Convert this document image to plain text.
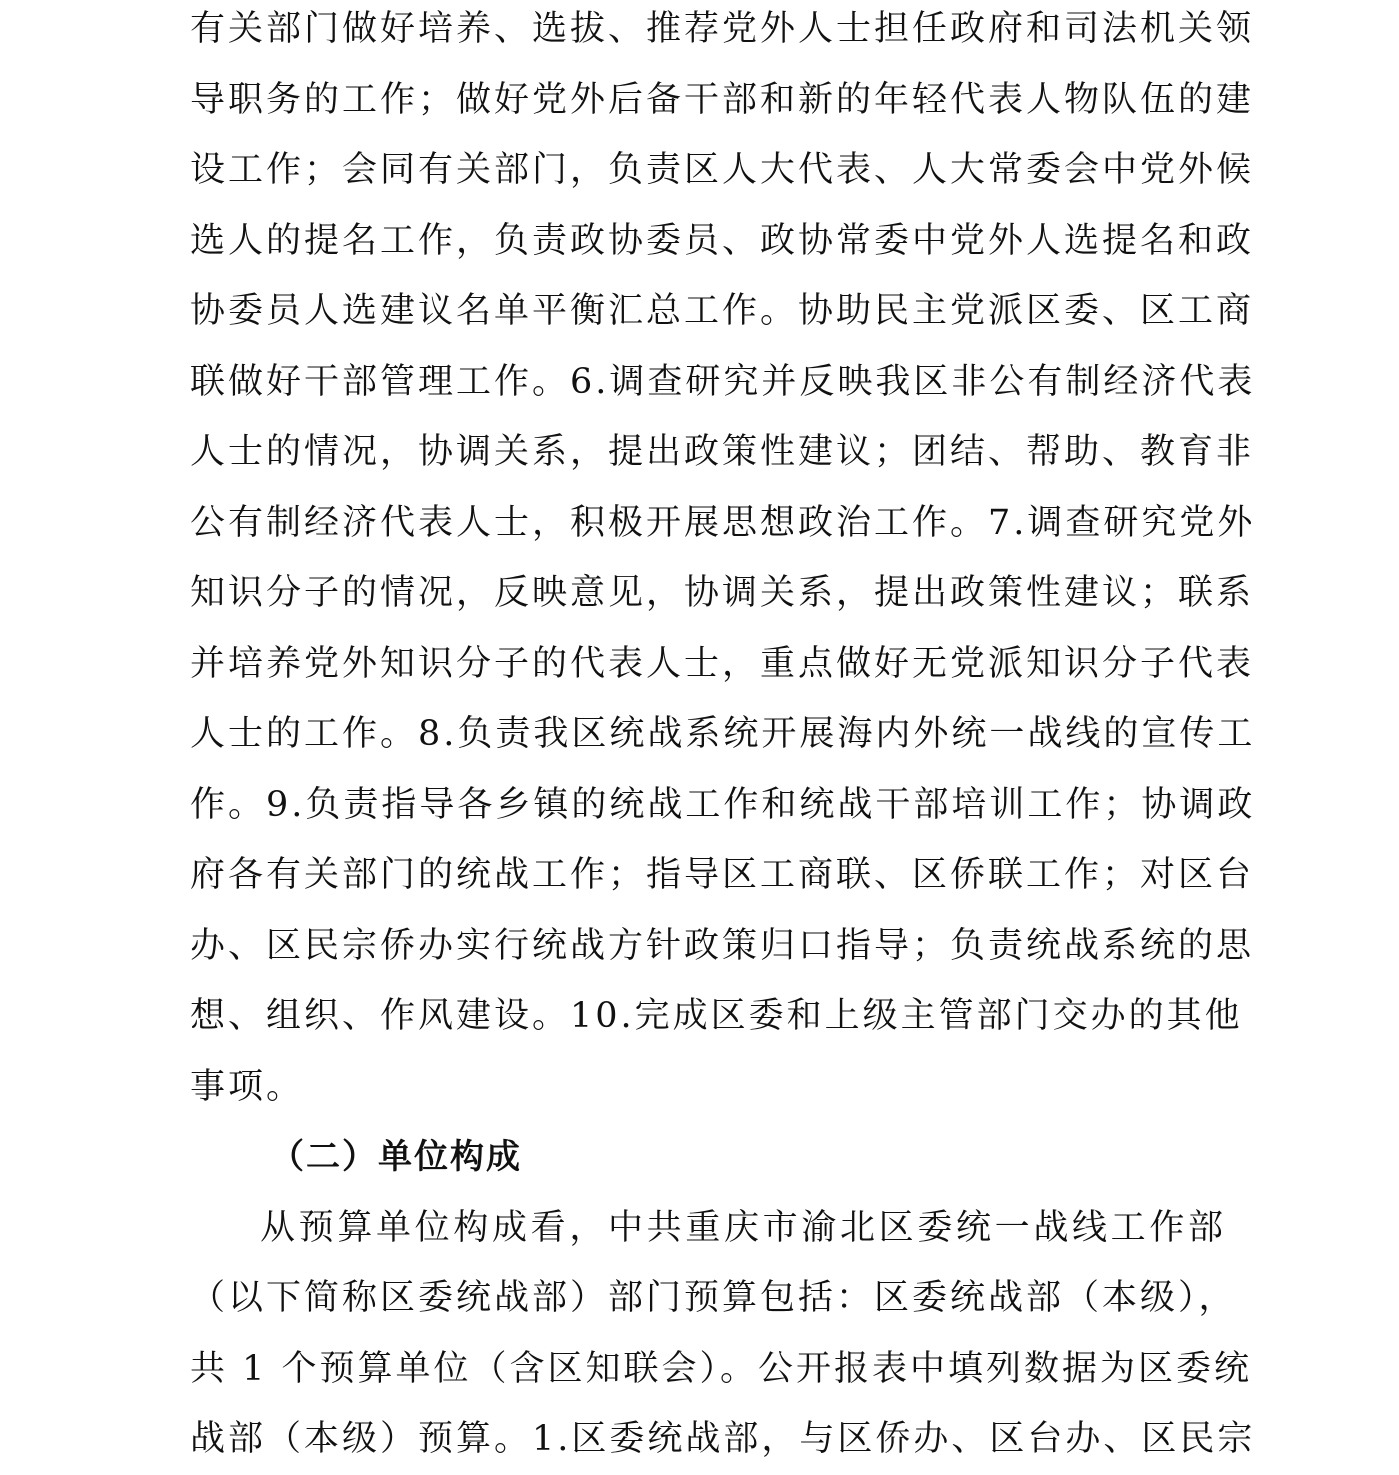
有关部门做好培养、选拔、推荐党外人士担任政府和司法机关领
导职务的工作；做好党外后备干部和新的年轻代表人物队伍的建
设工作；会同有关部门，负责区人大代表、人大常委会中党外候
选人的提名工作，负责政协委员、政协常委中党外人选提名和政
协委员人选建议名单平衡汇总工作。协助民主党派区委、区工商
联做好干部管理工作。6.调查研究并反映我区非公有制经济代表
人士的情况，协调关系，提出政策性建议；团结、帮助、教育非
公有制经济代表人士，积极开展思想政治工作。7.调查研究党外
知识分子的情况，反映意见，协调关系，提出政策性建议；联系
并培养党外知识分子的代表人士，重点做好无党派知识分子代表
人士的工作。8.负责我区统战系统开展海内外统一战线的宣传工
作。9.负责指导各乡镇的统战工作和统战干部培训工作；协调政
府各有关部门的统战工作；指导区工商联、区侨联工作；对区台
办、区民宗侨办实行统战方针政策归口指导；负责统战系统的思
想、组织、作风建设。10.完成区委和上级主管部门交办的其他
事项。
（二）单位构成
从预算单位构成看，中共重庆市渝北区委统一战线工作部
（以下简称区委统战部）部门预算包括：区委统战部（本级），
共 1 个预算单位（含区知联会）。公开报表中填列数据为区委统
战部（本级）预算。1.区委统战部，与区侨办、区台办、区民宗
